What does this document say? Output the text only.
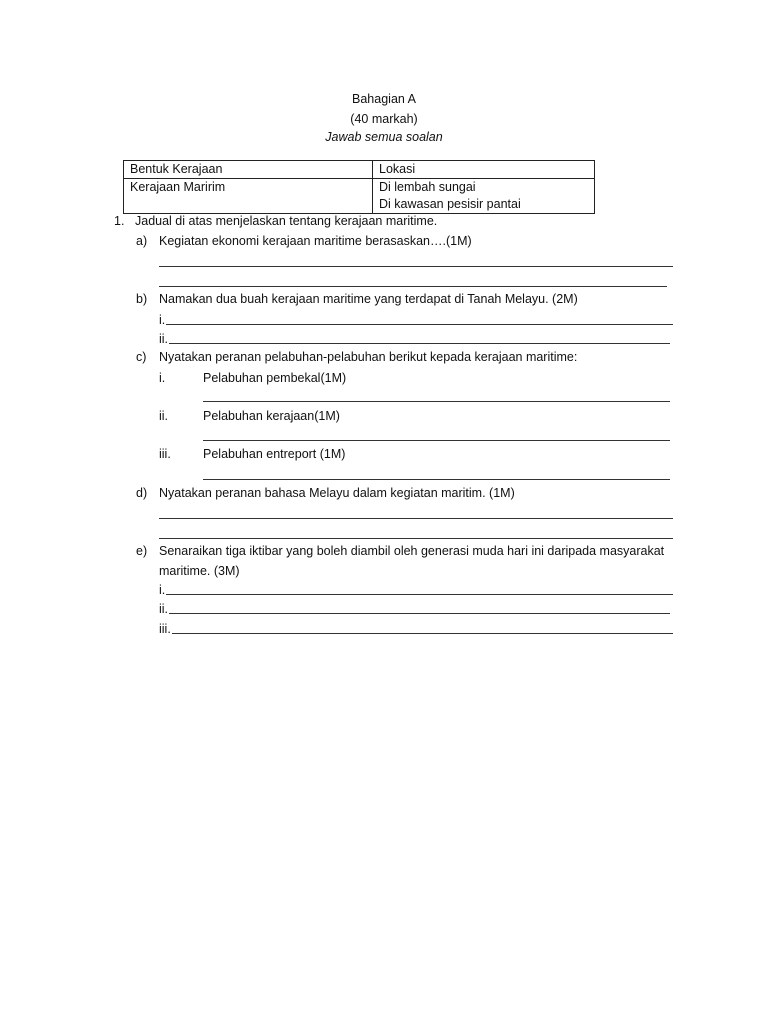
Bahagian A
(40 markah)
Jawab semua soalan
Bentuk Kerajaan	Lokasi
Kerajaan Maririm	Di lembah sungai
Di kawasan pesisir pantai
1. Jadual di atas menjelaskan tentang kerajaan maritime.
a) Kegiatan ekonomi kerajaan maritime berasaskan….(1M)
b) Namakan dua buah kerajaan maritime yang terdapat di Tanah Melayu. (2M)
i.
ii.
c) Nyatakan peranan pelabuhan-pelabuhan berikut kepada kerajaan maritime:
i.	Pelabuhan pembekal(1M)
ii.	Pelabuhan kerajaan(1M)
iii.	Pelabuhan entreport (1M)
d) Nyatakan peranan bahasa Melayu dalam kegiatan maritim. (1M)
e) Senaraikan tiga iktibar yang boleh diambil oleh generasi muda hari ini daripada masyarakat
maritime. (3M)
i.
ii.
iii.
